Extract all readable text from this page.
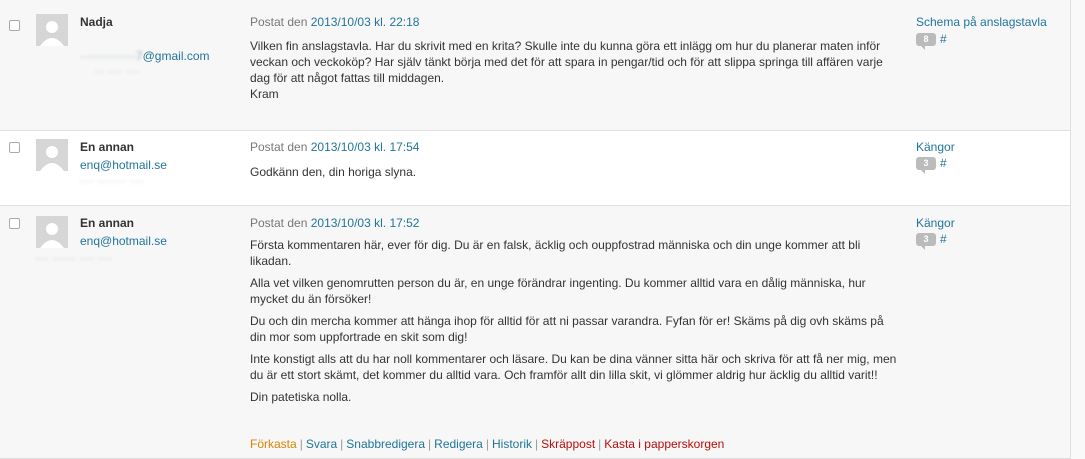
Nadja
··············7@gmail.com
·· ··· ···
Postat den 2013/10/03 kl. 22:18

Vilken fin anslagstavla. Har du skrivit med en krita? Skulle inte du kunna göra ett inlägg om hur du planerar maten inför veckan och veckoköp? Har själv tänkt börja med det för att spara in pengar/tid och för att slippa springa till affären varje dag för att något fattas till middagen.

Kram

Schema på anslagstavla
8 #
En annan
enq@hotmail.se
··· ······ ···
Postat den 2013/10/03 kl. 17:54

Godkänn den, din horiga slyna.

Kängor
3 #
En annan
enq@hotmail.se
··· ····· ··· ···
Postat den 2013/10/03 kl. 17:52

Första kommentaren här, ever för dig. Du är en falsk, äcklig och ouppfostrad människa och din unge kommer att bli likadan.

Alla vet vilken genomrutten person du är, en unge förändrar ingenting. Du kommer alltid vara en dålig människa, hur mycket du än försöker!

Du och din mercha kommer att hänga ihop för alltid för att ni passar varandra. Fyfan för er! Skäms på dig ovh skäms på din mor som uppfortrade en skit som dig!

Inte konstigt alls att du har noll kommentarer och läsare. Du kan be dina vänner sitta här och skriva för att få ner mig, men du är ett stort skämt, det kommer du alltid vara. Och framför allt din lilla skit, vi glömmer aldrig hur äcklig du alltid varit!!

Din patetiska nolla.

Förkasta | Svara | Snabbredigera | Redigera | Historik | Skräppost | Kasta i papperskorgen
Kängor
3 #
